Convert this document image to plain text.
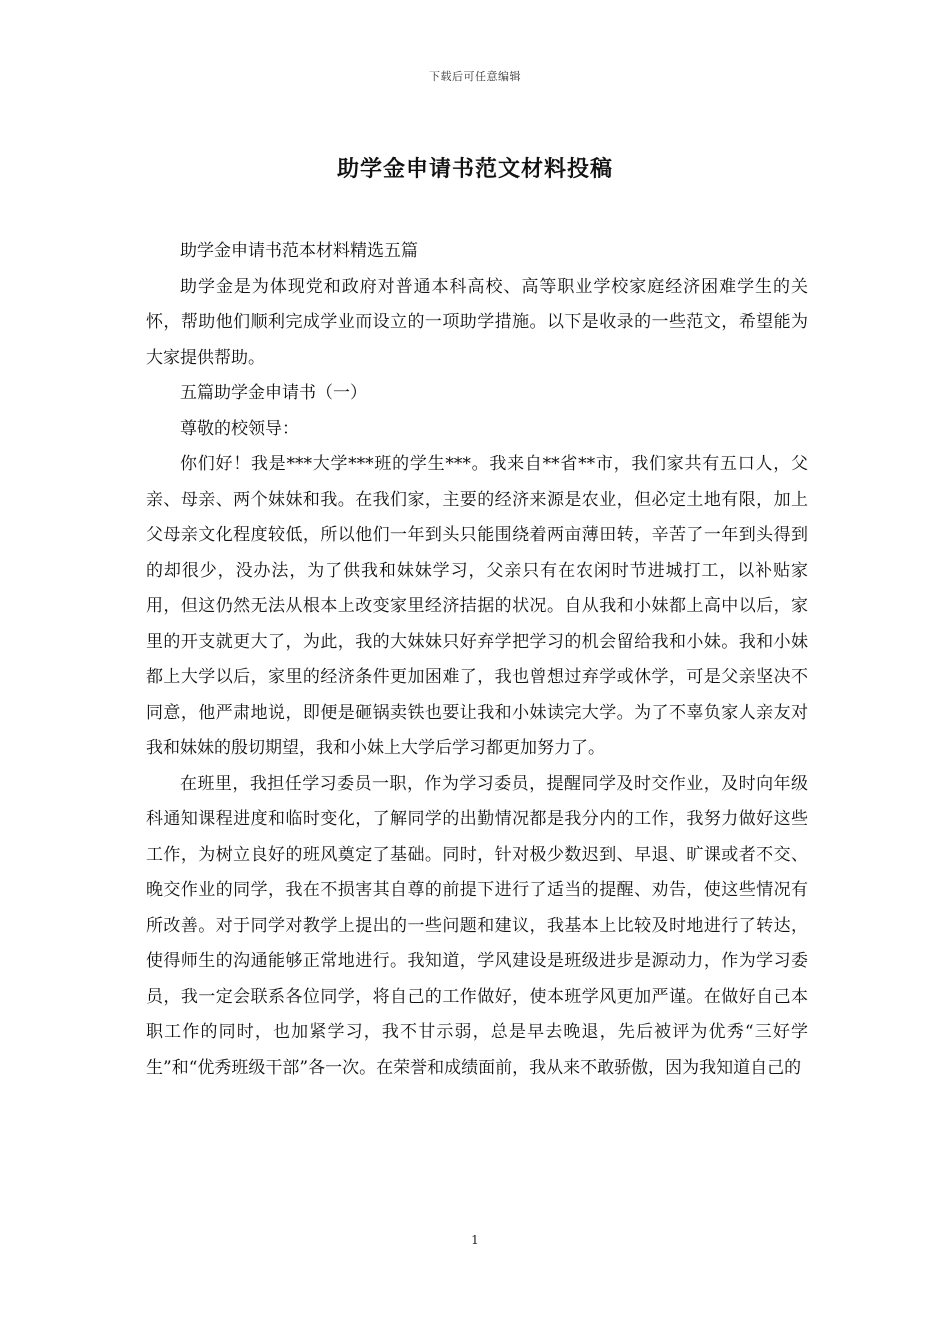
下载后可任意编辑
助学金申请书范文材料投稿

助学金申请书范本材料精选五篇

助学金是为体现党和政府对普通本科高校、高等职业学校家庭经济困难学生的关怀，帮助他们顺利完成学业而设立的一项助学措施。以下是收录的一些范文，希望能为大家提供帮助。

五篇助学金申请书（一）

尊敬的校领导：

你们好！我是***大学***班的学生***。我来自**省**市，我们家共有五口人，父亲、母亲、两个妹妹和我。在我们家，主要的经济来源是农业，但必定土地有限，加上父母亲文化程度较低，所以他们一年到头只能围绕着两亩薄田转，辛苦了一年到头得到的却很少，没办法，为了供我和妹妹学习，父亲只有在农闲时节进城打工，以补贴家用，但这仍然无法从根本上改变家里经济拮据的状况。自从我和小妹都上高中以后，家里的开支就更大了，为此，我的大妹妹只好弃学把学习的机会留给我和小妹。我和小妹都上大学以后，家里的经济条件更加困难了，我也曾想过弃学或休学，可是父亲坚决不同意，他严肃地说，即便是砸锅卖铁也要让我和小妹读完大学。为了不辜负家人亲友对我和妹妹的殷切期望，我和小妹上大学后学习都更加努力了。

在班里，我担任学习委员一职，作为学习委员，提醒同学及时交作业，及时向年级科通知课程进度和临时变化，了解同学的出勤情况都是我分内的工作，我努力做好这些工作，为树立良好的班风奠定了基础。同时，针对极少数迟到、早退、旷课或者不交、晚交作业的同学，我在不损害其自尊的前提下进行了适当的提醒、劝告，使这些情况有所改善。对于同学对教学上提出的一些问题和建议，我基本上比较及时地进行了转达，使得师生的沟通能够正常地进行。我知道，学风建设是班级进步是源动力，作为学习委员，我一定会联系各位同学，将自己的工作做好，使本班学风更加严谨。在做好自己本职工作的同时，也加紧学习，我不甘示弱，总是早去晚退，先后被评为优秀“三好学生”和“优秀班级干部”各一次。在荣誉和成绩面前，我从来不敢骄傲，因为我知道自己的

1
